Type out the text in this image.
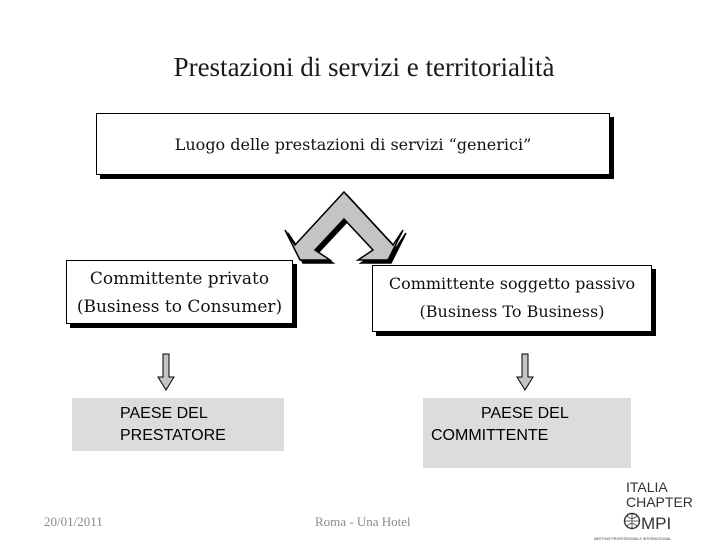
Prestazioni di servizi e territorialità
Luogo delle prestazioni di servizi “generici”
Committente privato
(Business to Consumer)
Committente soggetto passivo
(Business To Business)
PAESE DEL
PRESTATORE
PAESE DEL
COMMITTENTE
20/01/2011	Roma - Una Hotel
ITALIA
CHAPTER
MPI
MEETING PROFESSIONALS INTERNATIONAL
